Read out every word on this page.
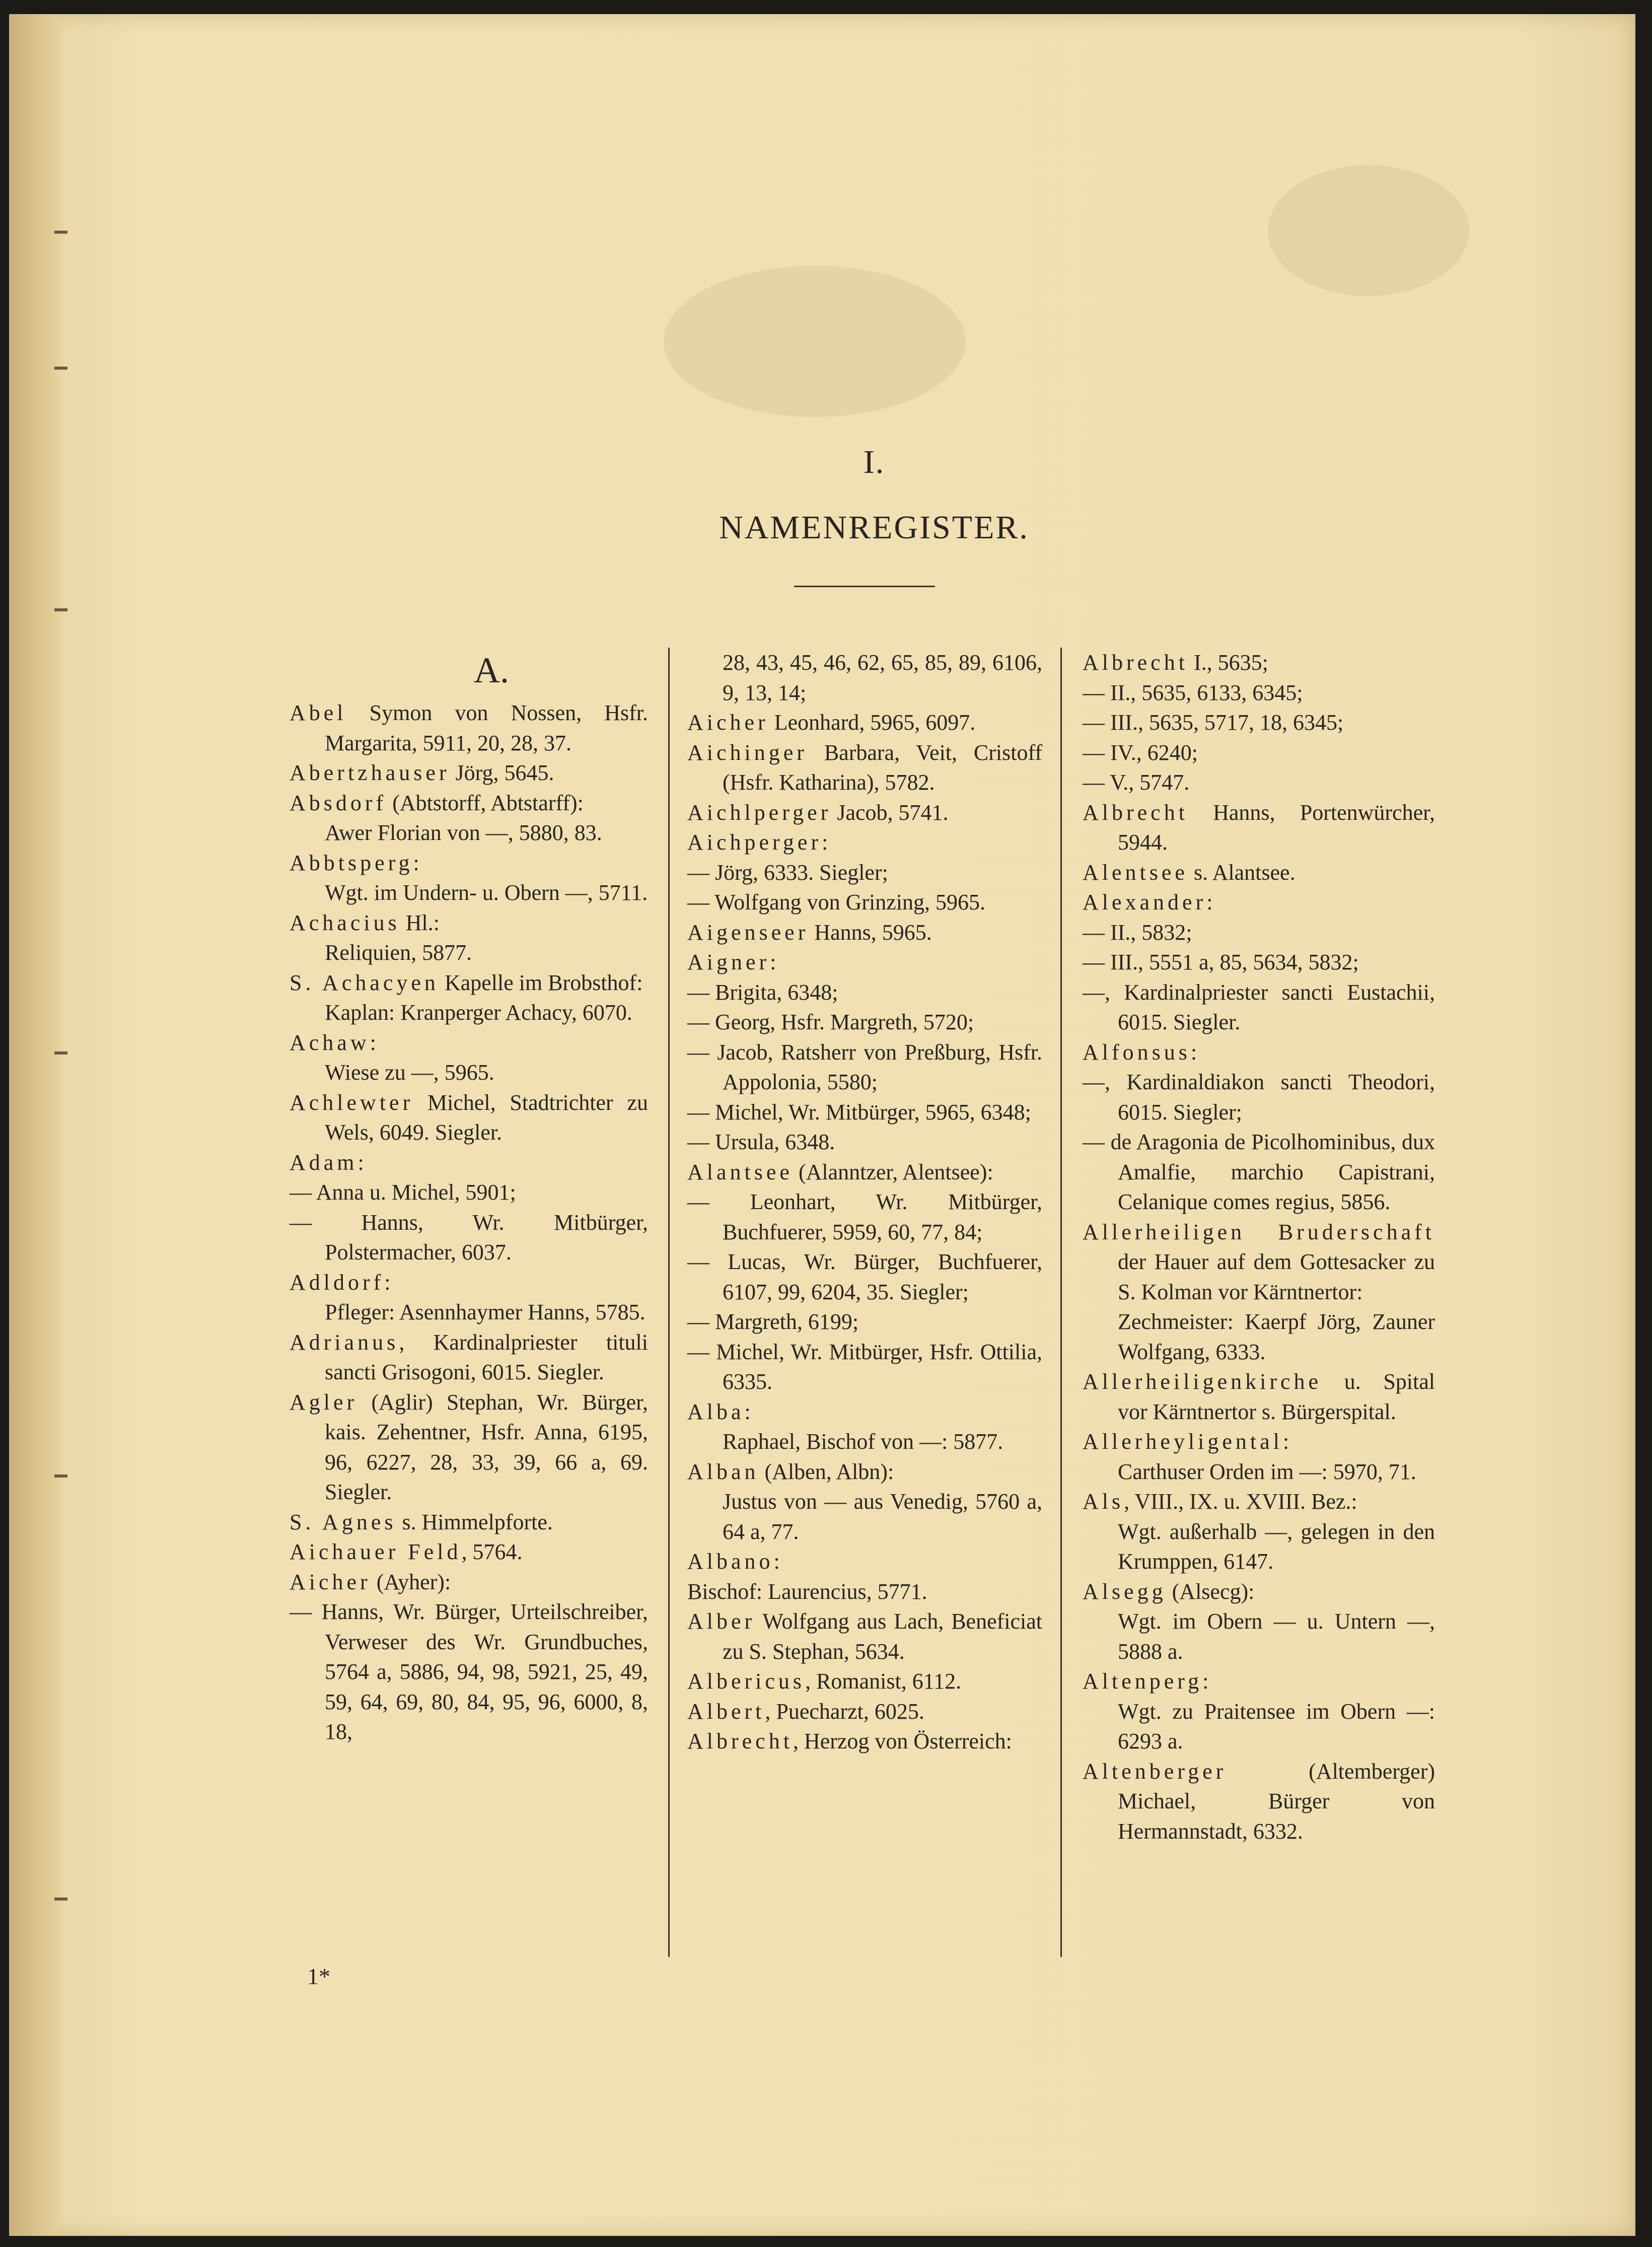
I.
NAMENREGISTER.
A.
Abel Symon von Nossen, Hsfr. Margarita, 5911, 20, 28, 37.
Abertzhauser Jörg, 5645.
Absdorf (Abtstorff, Abtstarff):
Awer Florian von —, 5880, 83.
Abbtsperg:
Wgt. im Undern- u. Obern —, 5711.
Achacius Hl.:
Reliquien, 5877.
S. Achacyen Kapelle im Brobsthof:
Kaplan: Kranperger Achacy, 6070.
Achaw:
Wiese zu —, 5965.
Achlewter Michel, Stadtrichter zu Wels, 6049. Siegler.
Adam:
— Anna u. Michel, 5901;
— Hanns, Wr. Mitbürger, Polstermacher, 6037.
Adldorf:
Pfleger: Asennhaymer Hanns, 5785.
Adrianus, Kardinalpriester tituli sancti Grisogoni, 6015. Siegler.
Agler (Aglir) Stephan, Wr. Bürger, kais. Zehentner, Hsfr. Anna, 6195, 96, 6227, 28, 33, 39, 66 a, 69. Siegler.
S. Agnes s. Himmelpforte.
Aichauer Feld, 5764.
Aicher (Ayher):
— Hanns, Wr. Bürger, Urteilschreiber, Verweser des Wr. Grundbuches, 5764 a, 5886, 94, 98, 5921, 25, 49, 59, 64, 69, 80, 84, 95, 96, 6000, 8, 18,
28, 43, 45, 46, 62, 65, 85, 89, 6106, 9, 13, 14;
Aicher Leonhard, 5965, 6097.
Aichinger Barbara, Veit, Cristoff (Hsfr. Katharina), 5782.
Aichlperger Jacob, 5741.
Aichperger:
— Jörg, 6333. Siegler;
— Wolfgang von Grinzing, 5965.
Aigenseer Hanns, 5965.
Aigner:
— Brigita, 6348;
— Georg, Hsfr. Margreth, 5720;
— Jacob, Ratsherr von Preßburg, Hsfr. Appolonia, 5580;
— Michel, Wr. Mitbürger, 5965, 6348;
— Ursula, 6348.
Alantsee (Alanntzer, Alentsee):
— Leonhart, Wr. Mitbürger, Buchfuerer, 5959, 60, 77, 84;
— Lucas, Wr. Bürger, Buchfuerer, 6107, 99, 6204, 35. Siegler;
— Margreth, 6199;
— Michel, Wr. Mitbürger, Hsfr. Ottilia, 6335.
Alba:
Raphael, Bischof von —: 5877.
Alban (Alben, Albn):
Justus von — aus Venedig, 5760 a, 64 a, 77.
Albano:
Bischof: Laurencius, 5771.
Alber Wolfgang aus Lach, Beneficiat zu S. Stephan, 5634.
Albericus, Romanist, 6112.
Albert, Puecharzt, 6025.
Albrecht, Herzog von Österreich:
Albrecht I., 5635;
— II., 5635, 6133, 6345;
— III., 5635, 5717, 18, 6345;
— IV., 6240;
— V., 5747.
Albrecht Hanns, Portenwürcher, 5944.
Alentsee s. Alantsee.
Alexander:
— II., 5832;
— III., 5551 a, 85, 5634, 5832;
—, Kardinalpriester sancti Eustachii, 6015. Siegler.
Alfonsus:
—, Kardinaldiakon sancti Theodori, 6015. Siegler;
— de Aragonia de Picolhominibus, dux Amalfie, marchio Capistrani, Celanique comes regius, 5856.
Allerheiligen Bruderschaft der Hauer auf dem Gottesacker zu S. Kolman vor Kärntnertor:
Zechmeister: Kaerpf Jörg, Zauner Wolfgang, 6333.
Allerheiligenkirche u. Spital vor Kärntnertor s. Bürgerspital.
Allerheyligental:
Carthuser Orden im —: 5970, 71.
Als, VIII., IX. u. XVIII. Bez.:
Wgt. außerhalb —, gelegen in den Krumppen, 6147.
Alsegg (Alsecg):
Wgt. im Obern — u. Untern —, 5888 a.
Altenperg:
Wgt. zu Praitensee im Obern —: 6293 a.
Altenberger (Altemberger) Michael, Bürger von Hermannstadt, 6332.
1*
